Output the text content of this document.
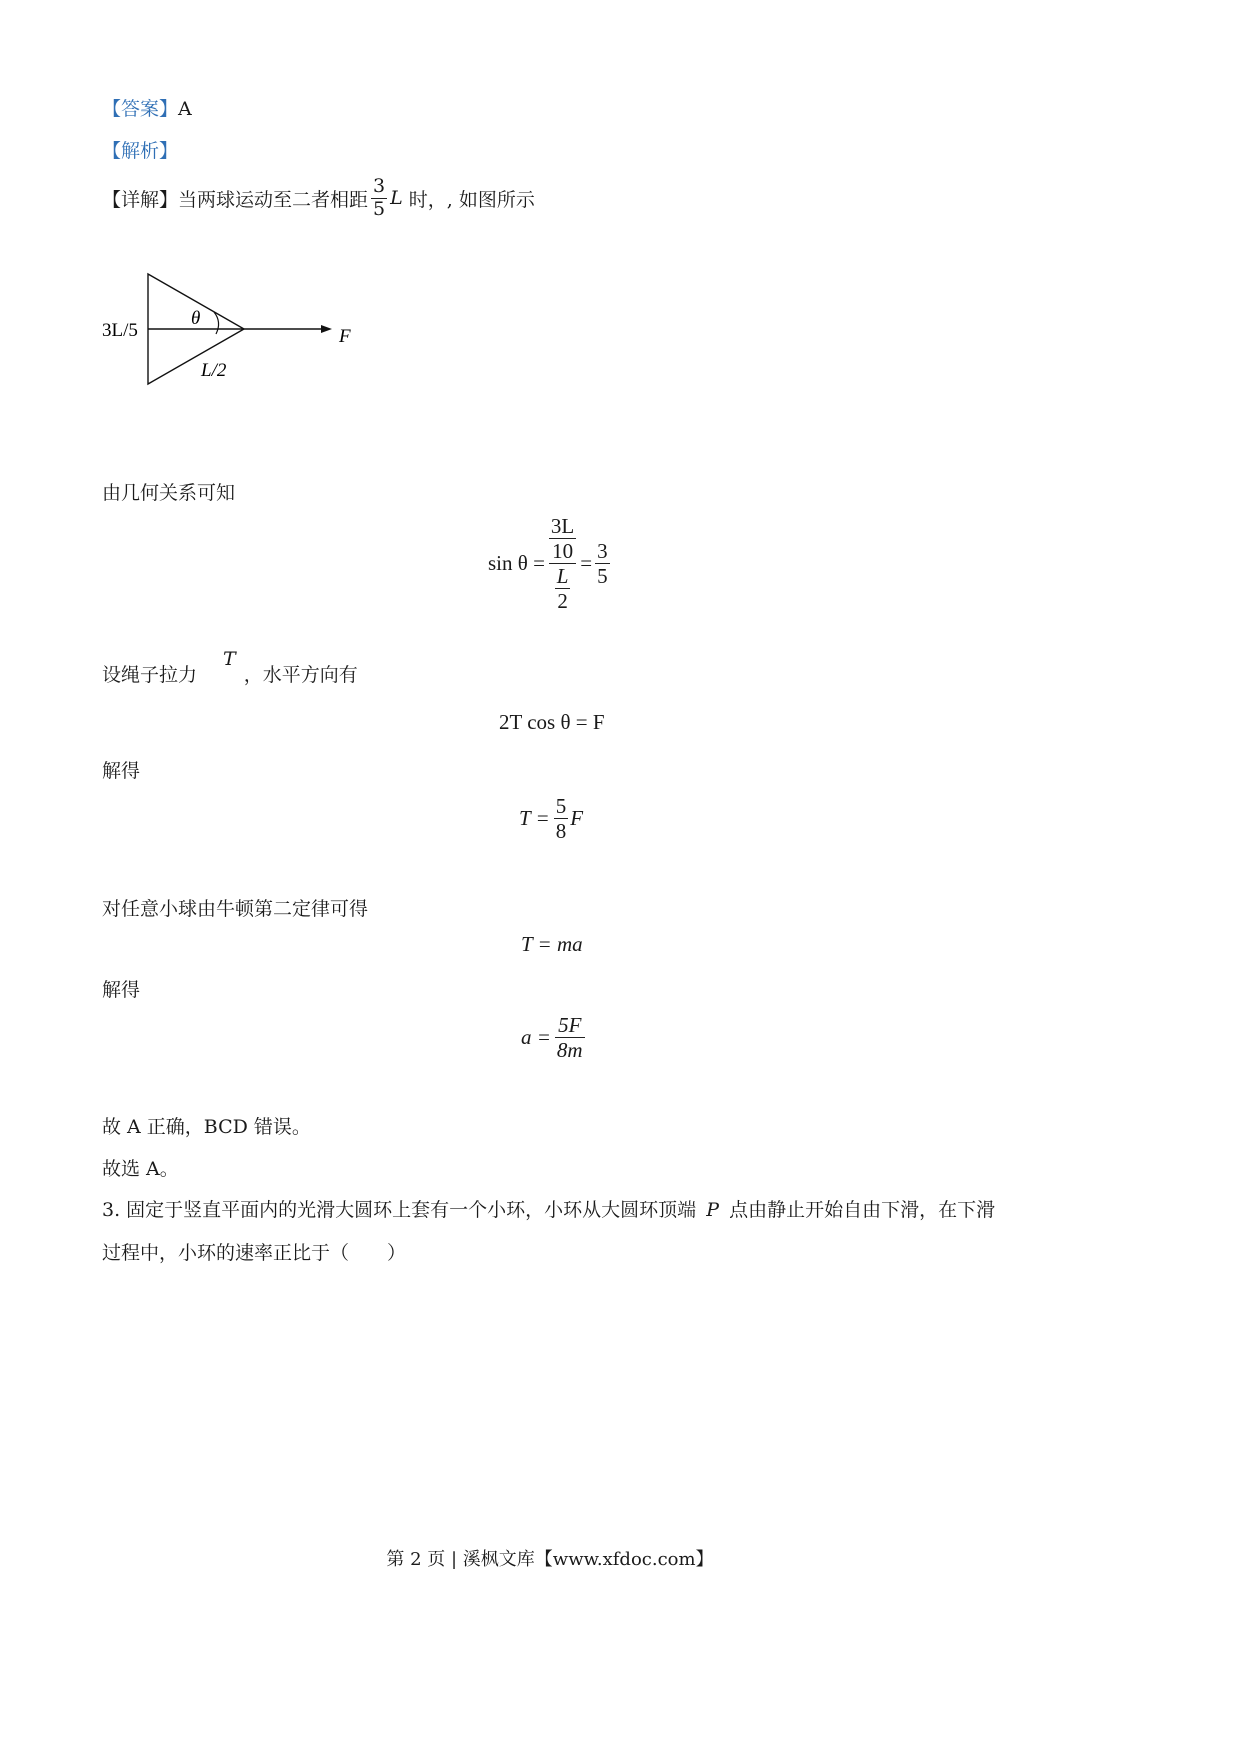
【答案】A
【解析】
【详解】 当两球运动至二者相距 $\frac{3}{5}$ L 时，, 如图所示
3L/5
θ
F
L/2
由几何关系可知
$\sin \theta = \frac{\frac{3L}{10}}{\frac{L}{2}} = \frac{3}{5}$
设绳子拉力
T
，水平方向有
2T cos θ = F
解得
$T = \frac{5}{8}$ F
对任意小球由牛顿第二定律可得
T = ma
解得
$a = \frac{5F}{8m}$
故 A 正确，BCD 错误。
故选 A。
3. 固定于竖直平面内的光滑大圆环上套有一个小环，小环从大圆环顶端 P 点由静止开始自由下滑，在下滑
过程中，小环的速率正比于（　　）
第 2 页 | 溪枫文库【www.xfdoc.com】
